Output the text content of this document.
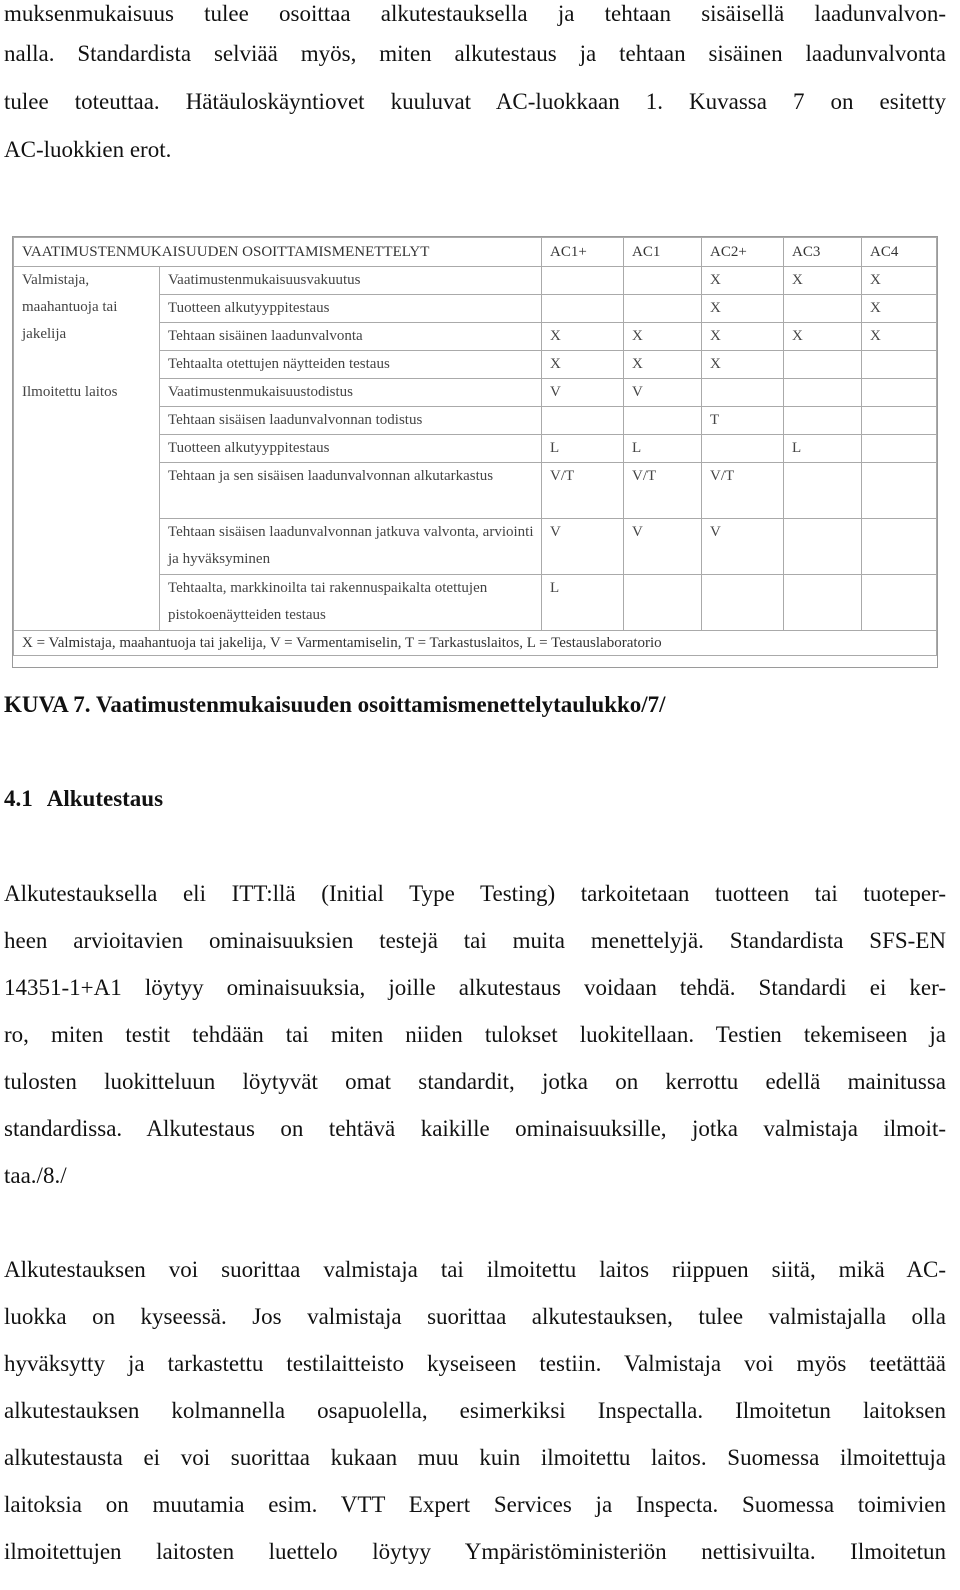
muksenmukaisuus tulee osoittaa alkutestauksella ja tehtaan sisäisellä laadunvalvon-
nalla. Standardista selviää myös, miten alkutestaus ja tehtaan sisäinen laadunvalvonta
tulee toteuttaa. Hätäuloskäyntiovet kuuluvat AC-luokkaan 1. Kuvassa 7 on esitetty
AC-luokkien erot.
VAATIMUSTENMUKAISUUDEN OSOITTAMISMENETTELYT		AC1+	AC1	AC2+	AC3	AC4
Valmistaja, maahantuoja tai jakelija	Vaatimustenmukaisuusvakuutus			X	X	X
	Tuotteen alkutyyppitestaus			X		X
	Tehtaan sisäinen laadunvalvonta	X	X	X	X	X
	Tehtaalta otettujen näytteiden testaus	X	X	X		
Ilmoitettu laitos	Vaatimustenmukaisuustodistus	V	V			
	Tehtaan sisäisen laadunvalvonnan todistus			T		
	Tuotteen alkutyyppitestaus	L	L		L	
	Tehtaan ja sen sisäisen laadunvalvonnan alkutarkastus	V/T	V/T	V/T		
	Tehtaan sisäisen laadunvalvonnan jatkuva valvonta, arviointi ja hyväksyminen	V	V	V		
	Tehtaalta, markkinoilta tai rakennuspaikalta otettujen pistokoenäytteiden testaus	L				
X = Valmistaja, maahantuoja tai jakelija, V = Varmentamiselin, T = Tarkastuslaitos, L = Testauslaboratorio						
KUVA 7. Vaatimustenmukaisuuden osoittamismenettelytaulukko/7/
4.1 Alkutestaus
Alkutestauksella eli ITT:llä (Initial Type Testing) tarkoitetaan tuotteen tai tuoteper-
heen arvioitavien ominaisuuksien testejä tai muita menettelyjä. Standardista SFS-EN
14351-1+A1 löytyy ominaisuuksia, joille alkutestaus voidaan tehdä. Standardi ei ker-
ro, miten testit tehdään tai miten niiden tulokset luokitellaan. Testien tekemiseen ja
tulosten luokitteluun löytyvät omat standardit, jotka on kerrottu edellä mainitussa
standardissa. Alkutestaus on tehtävä kaikille ominaisuuksille, jotka valmistaja ilmoit-
taa./8./
Alkutestauksen voi suorittaa valmistaja tai ilmoitettu laitos riippuen siitä, mikä AC-
luokka on kyseessä. Jos valmistaja suorittaa alkutestauksen, tulee valmistajalla olla
hyväksytty ja tarkastettu testilaitteisto kyseiseen testiin. Valmistaja voi myös teetättää
alkutestauksen kolmannella osapuolella, esimerkiksi Inspectalla. Ilmoitetun laitoksen
alkutestausta ei voi suorittaa kukaan muu kuin ilmoitettu laitos. Suomessa ilmoitettuja
laitoksia on muutamia esim. VTT Expert Services ja Inspecta. Suomessa toimivien
ilmoitettujen laitosten luettelo löytyy Ympäristöministeriön nettisivuilta. Ilmoitetun
